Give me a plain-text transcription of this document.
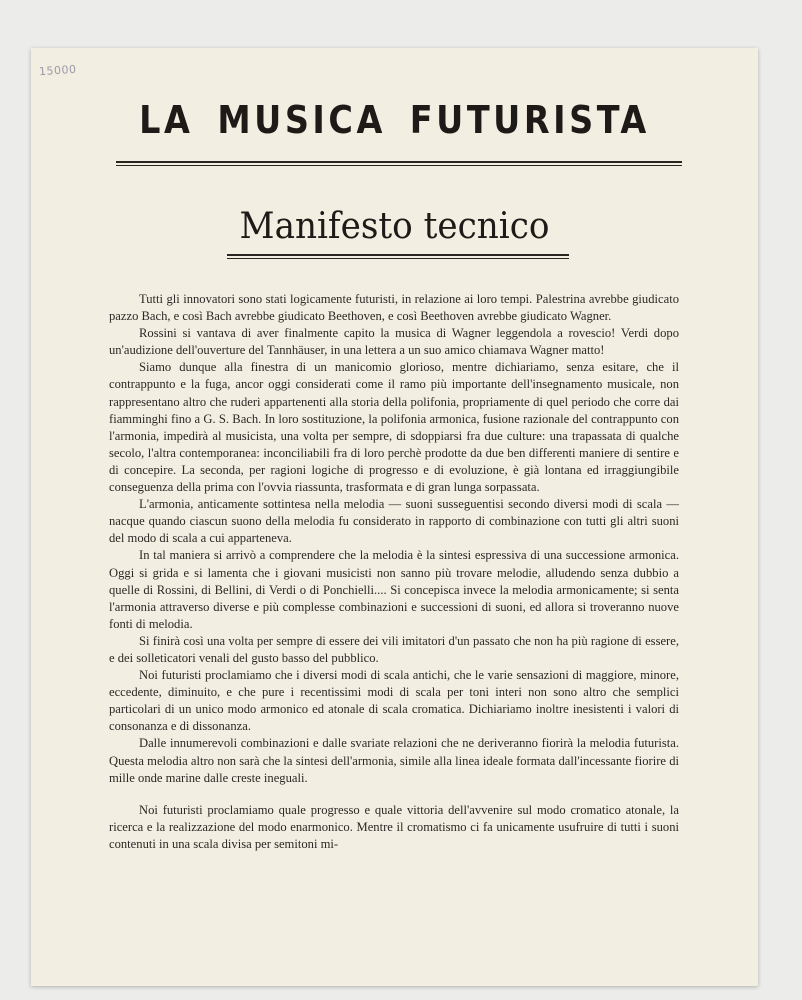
15000
LA MUSICA FUTURISTA
Manifesto tecnico

Tutti gli innovatori sono stati logicamente futuristi, in relazione ai loro tempi. Palestrina avrebbe giudicato pazzo Bach, e così Bach avrebbe giudicato Beethoven, e così Beethoven avrebbe giudicato Wagner.

Rossini si vantava di aver finalmente capito la musica di Wagner leggendola a rovescio! Verdi dopo un'audizione dell'ouverture del Tannhäuser, in una lettera a un suo amico chiamava Wagner matto!

Siamo dunque alla finestra di un manicomio glorioso, mentre dichiariamo, senza esitare, che il contrappunto e la fuga, ancor oggi considerati come il ramo più importante dell'insegnamento musicale, non rappresentano altro che ruderi appartenenti alla storia della polifonia, propriamente di quel periodo che corre dai fiamminghi fino a G. S. Bach. In loro sostituzione, la polifonia armonica, fusione razionale del contrappunto con l'armonia, impedirà al musicista, una volta per sempre, di sdoppiarsi fra due culture: una trapassata di qualche secolo, l'altra contemporanea: inconciliabili fra di loro perchè prodotte da due ben differenti maniere di sentire e di concepire. La seconda, per ragioni logiche di progresso e di evoluzione, è già lontana ed irraggiungibile conseguenza della prima con l'ovvia riassunta, trasformata e di gran lunga sorpassata.

L'armonia, anticamente sottintesa nella melodia — suoni susseguentisi secondo diversi modi di scala — nacque quando ciascun suono della melodia fu considerato in rapporto di combinazione con tutti gli altri suoni del modo di scala a cui apparteneva.

In tal maniera si arrivò a comprendere che la melodia è la sintesi espressiva di una successione armonica. Oggi si grida e si lamenta che i giovani musicisti non sanno più trovare melodie, alludendo senza dubbio a quelle di Rossini, di Bellini, di Verdi o di Ponchielli.... Si concepisca invece la melodia armonicamente; si senta l'armonia attraverso diverse e più complesse combinazioni e successioni di suoni, ed allora si troveranno nuove fonti di melodia.

Si finirà così una volta per sempre di essere dei vili imitatori d'un passato che non ha più ragione di essere, e dei solleticatori venali del gusto basso del pubblico.

Noi futuristi proclamiamo che i diversi modi di scala antichi, che le varie sensazioni di maggiore, minore, eccedente, diminuito, e che pure i recentissimi modi di scala per toni interi non sono altro che semplici particolari di un unico modo armonico ed atonale di scala cromatica. Dichiariamo inoltre inesistenti i valori di consonanza e di dissonanza.

Dalle innumerevoli combinazioni e dalle svariate relazioni che ne deriveranno fiorirà la melodia futurista. Questa melodia altro non sarà che la sintesi dell'armonia, simile alla linea ideale formata dall'incessante fiorire di mille onde marine dalle creste ineguali.

Noi futuristi proclamiamo quale progresso e quale vittoria dell'avvenire sul modo cromatico atonale, la ricerca e la realizzazione del modo enarmonico. Mentre il cromatismo ci fa unicamente usufruire di tutti i suoni contenuti in una scala divisa per semitoni mi-
